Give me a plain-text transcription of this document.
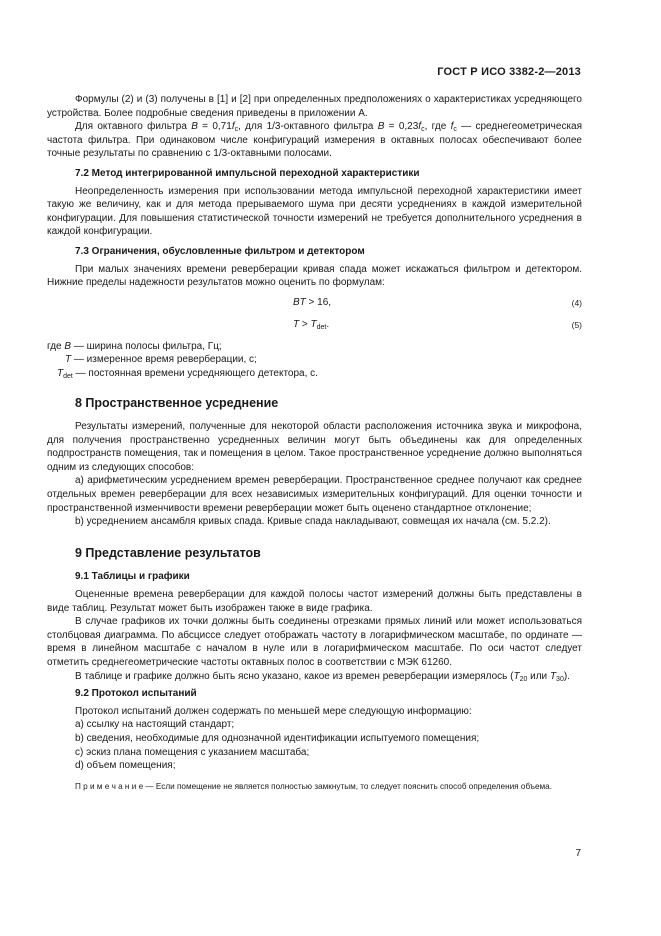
ГОСТ Р ИСО 3382-2—2013

Формулы (2) и (3) получены в [1] и [2] при определенных предположениях о характеристиках усредняющего устройства. Более подробные сведения приведены в приложении А.

Для октавного фильтра $B = 0,71f_c$, для 1/3-октавного фильтра $B = 0,23f_c$, где $f_c$ — среднегеометрическая частота фильтра. При одинаковом числе конфигураций измерения в октавных полосах обеспечивают более точные результаты по сравнению с 1/3-октавными полосами.

7.2 Метод интегрированной импульсной переходной характеристики

Неопределенность измерения при использовании метода импульсной переходной характеристики имеет такую же величину, как и для метода прерываемого шума при десяти усреднениях в каждой измерительной конфигурации. Для повышения статистической точности измерений не требуется дополнительного усреднения в каждой конфигурации.

7.3 Ограничения, обусловленные фильтром и детектором

При малых значениях времени реверберации кривая спада может искажаться фильтром и детектором. Нижние пределы надежности результатов можно оценить по формулам:

BT > 16,	(4)
$T > T_{det}$.	(5)

где B — ширина полосы фильтра, Гц;

T — измеренное время реверберации, с;

$T_{det}$ — постоянная времени усредняющего детектора, с.

8 Пространственное усреднение

Результаты измерений, полученные для некоторой области расположения источника звука и микрофона, для получения пространственно усредненных величин могут быть объединены как для определенных подпространств помещения, так и помещения в целом. Такое пространственное усреднение должно выполняться одним из следующих способов:

а) арифметическим усреднением времен реверберации. Пространственное среднее получают как среднее отдельных времен реверберации для всех независимых измерительных конфигураций. Для оценки точности и пространственной изменчивости времени реверберации может быть оценено стандартное отклонение;

b) усреднением ансамбля кривых спада. Кривые спада накладывают, совмещая их начала (см. 5.2.2).

9 Представление результатов
9.1 Таблицы и графики

Оцененные времена реверберации для каждой полосы частот измерений должны быть представлены в виде таблиц. Результат может быть изображен также в виде графика.

В случае графиков их точки должны быть соединены отрезками прямых линий или может использоваться столбцовая диаграмма. По абсциссе следует отображать частоту в логарифмическом масштабе, по ординате — время в линейном масштабе с началом в нуле или в логарифмическом масштабе. По оси частот следует отметить среднегеометрические частоты октавных полос в соответствии с МЭК 61260.

В таблице и графике должно быть ясно указано, какое из времен реверберации измерялось ($T_{20}$ или $T_{30}$).

9.2 Протокол испытаний

Протокол испытаний должен содержать по меньшей мере следующую информацию:

а) ссылку на настоящий стандарт;

b) сведения, необходимые для однозначной идентификации испытуемого помещения;

c) эскиз плана помещения с указанием масштаба;

d) объем помещения;

П р и м е ч а н и е — Если помещение не является полностью замкнутым, то следует пояснить способ определения объема.

7
